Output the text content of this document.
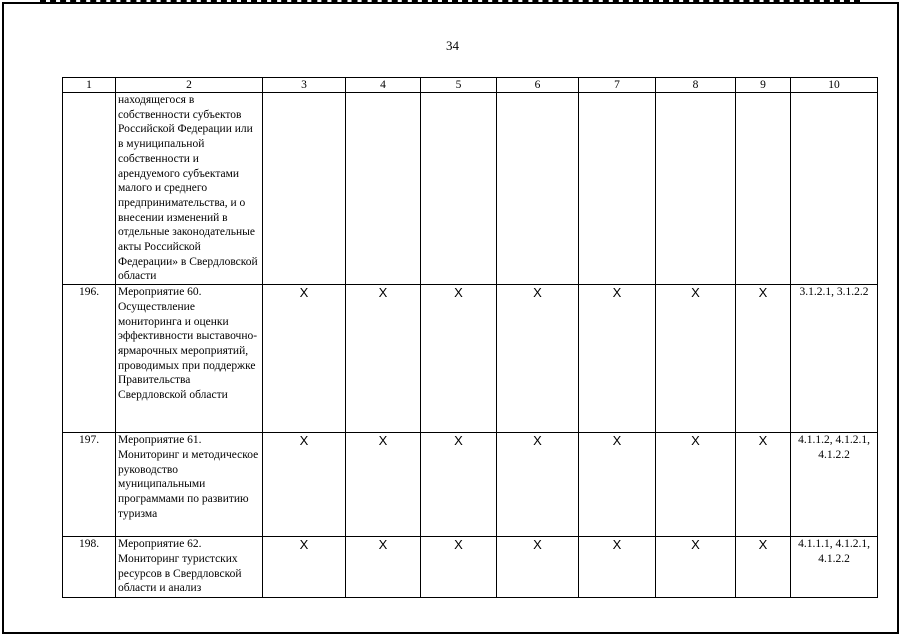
34
1	2	3	4	5	6	7	8	9	10
	находящегося в собственности субъектов Российской Федерации или в муниципальной собственности и арендуемого субъектами малого и среднего предпринимательства, и о внесении изменений в отдельные законодательные акты Российской Федерации» в Свердловской области								
196.	Мероприятие 60. Осуществление мониторинга и оценки эффективности выставочно-ярмарочных мероприятий, проводимых при поддержке Правительства Свердловской области	X	X	X	X	X	X	X	3.1.2.1, 3.1.2.2
197.	Мероприятие 61. Мониторинг и методическое руководство муниципальными программами по развитию туризма	X	X	X	X	X	X	X	4.1.1.2, 4.1.2.1, 4.1.2.2
198.	Мероприятие 62. Мониторинг туристских ресурсов в Свердловской области и анализ	X	X	X	X	X	X	X	4.1.1.1, 4.1.2.1, 4.1.2.2
